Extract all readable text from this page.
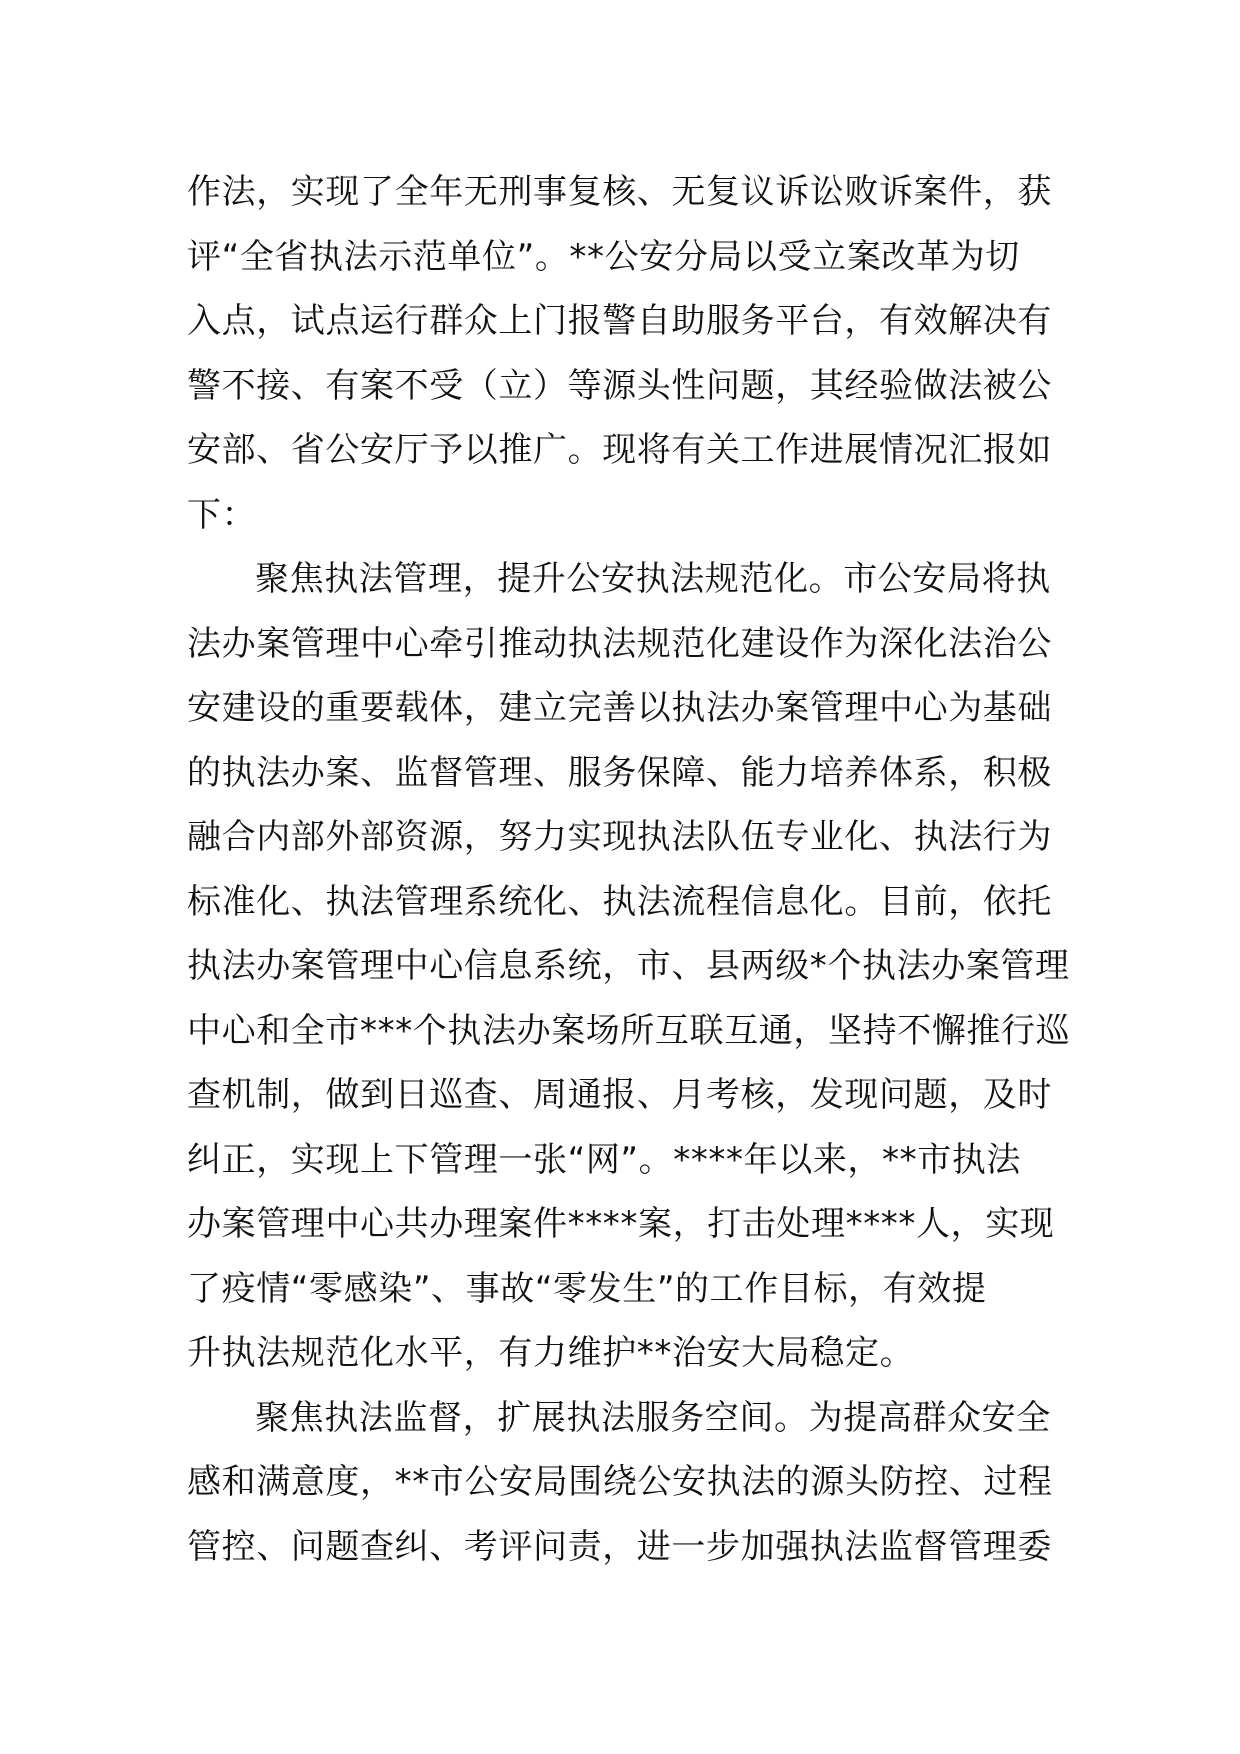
作法，实现了全年无刑事复核、无复议诉讼败诉案件，获
评“全省执法示范单位”。**公安分局以受立案改革为切
入点，试点运行群众上门报警自助服务平台，有效解决有
警不接、有案不受（立）等源头性问题，其经验做法被公
安部、省公安厅予以推广。现将有关工作进展情况汇报如
下：
聚焦执法管理，提升公安执法规范化。市公安局将执
法办案管理中心牵引推动执法规范化建设作为深化法治公
安建设的重要载体，建立完善以执法办案管理中心为基础
的执法办案、监督管理、服务保障、能力培养体系，积极
融合内部外部资源，努力实现执法队伍专业化、执法行为
标准化、执法管理系统化、执法流程信息化。目前，依托
执法办案管理中心信息系统，市、县两级*个执法办案管理
中心和全市***个执法办案场所互联互通，坚持不懈推行巡
查机制，做到日巡查、周通报、月考核，发现问题，及时
纠正，实现上下管理一张“网”。****年以来，**市执法
办案管理中心共办理案件****案，打击处理****人，实现
了疫情“零感染”、事故“零发生”的工作目标，有效提
升执法规范化水平，有力维护**治安大局稳定。
聚焦执法监督，扩展执法服务空间。为提高群众安全
感和满意度，**市公安局围绕公安执法的源头防控、过程
管控、问题查纠、考评问责，进一步加强执法监督管理委
